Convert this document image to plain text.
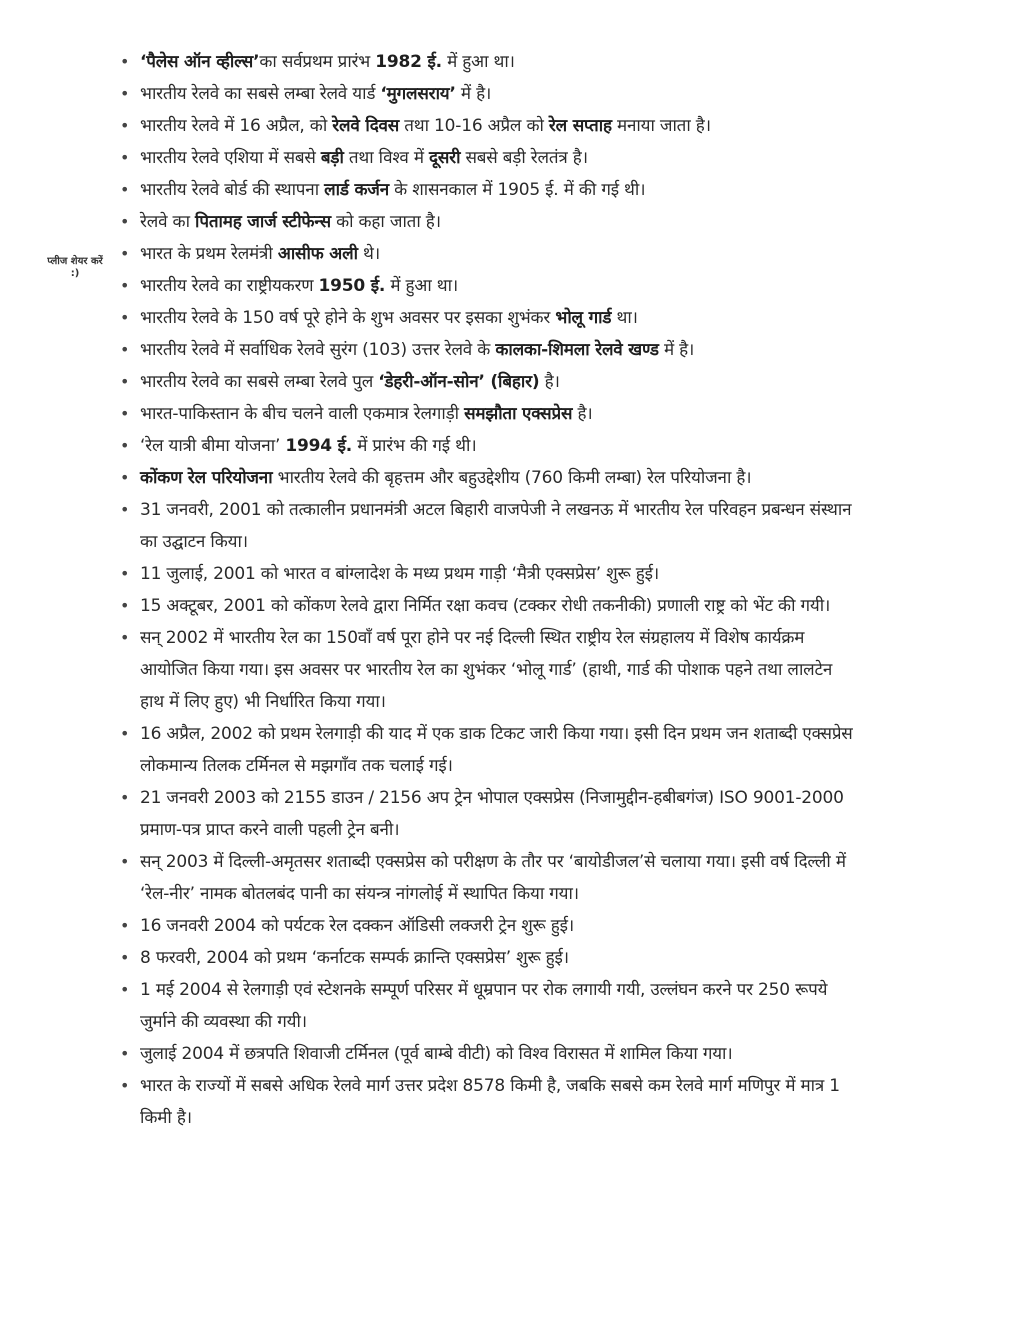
प्लीज शेयर करें :)
• ‘पैलेस ऑन व्हील्स’का सर्वप्रथम प्रारंभ 1982 ई. में हुआ था।
• भारतीय रेलवे का सबसे लम्बा रेलवे यार्ड ‘मुगलसराय’ में है।
• भारतीय रेलवे में 16 अप्रैल, को रेलवे दिवस तथा 10-16 अप्रैल को रेल सप्ताह मनाया जाता है।
• भारतीय रेलवे एशिया में सबसे बड़ी तथा विश्व में दूसरी सबसे बड़ी रेलतंत्र है।
• भारतीय रेलवे बोर्ड की स्थापना लार्ड कर्जन के शासनकाल में 1905 ई. में की गई थी।
• रेलवे का पितामह जार्ज स्टीफेन्स को कहा जाता है।
• भारत के प्रथम रेलमंत्री आसीफ अली थे।
• भारतीय रेलवे का राष्ट्रीयकरण 1950 ई. में हुआ था।
• भारतीय रेलवे के 150 वर्ष पूरे होने के शुभ अवसर पर इसका शुभंकर भोलू गार्ड था।
• भारतीय रेलवे में सर्वाधिक रेलवे सुरंग (103) उत्तर रेलवे के कालका-शिमला रेलवे खण्ड में है।
• भारतीय रेलवे का सबसे लम्बा रेलवे पुल ‘डेहरी-ऑन-सोन’ (बिहार) है।
• भारत-पाकिस्तान के बीच चलने वाली एकमात्र रेलगाड़ी समझौता एक्सप्रेस है।
• ‘रेल यात्री बीमा योजना’ 1994 ई. में प्रारंभ की गई थी।
• कोंकण रेल परियोजना भारतीय रेलवे की बृहत्तम और बहुउद्देशीय (760 किमी लम्बा) रेल परियोजना है।
• 31 जनवरी, 2001 को तत्कालीन प्रधानमंत्री अटल बिहारी वाजपेजी ने लखनऊ में भारतीय रेल परिवहन प्रबन्धन संस्थान का उद्घाटन किया।
• 11 जुलाई, 2001 को भारत व बांग्लादेश के मध्य प्रथम गाड़ी ‘मैत्री एक्सप्रेस’ शुरू हुई।
• 15 अक्टूबर, 2001 को कोंकण रेलवे द्वारा निर्मित रक्षा कवच (टक्कर रोधी तकनीकी) प्रणाली राष्ट्र को भेंट की गयी।
• सन् 2002 में भारतीय रेल का 150वाँ वर्ष पूरा होने पर नई दिल्ली स्थित राष्ट्रीय रेल संग्रहालय में विशेष कार्यक्रम आयोजित किया गया। इस अवसर पर भारतीय रेल का शुभंकर ‘भोलू गार्ड’ (हाथी, गार्ड की पोशाक पहने तथा लालटेन हाथ में लिए हुए) भी निर्धारित किया गया।
• 16 अप्रैल, 2002 को प्रथम रेलगाड़ी की याद में एक डाक टिकट जारी किया गया। इसी दिन प्रथम जन शताब्दी एक्सप्रेस लोकमान्य तिलक टर्मिनल से मझगाँव तक चलाई गई।
• 21 जनवरी 2003 को 2155 डाउन / 2156 अप ट्रेन भोपाल एक्सप्रेस (निजामुद्दीन-हबीबगंज) ISO 9001-2000 प्रमाण-पत्र प्राप्त करने वाली पहली ट्रेन बनी।
• सन् 2003 में दिल्ली-अमृतसर शताब्दी एक्सप्रेस को परीक्षण के तौर पर ‘बायोडीजल’से चलाया गया। इसी वर्ष दिल्ली में ‘रेल-नीर’ नामक बोतलबंद पानी का संयन्त्र नांगलोई में स्थापित किया गया।
• 16 जनवरी 2004 को पर्यटक रेल दक्कन ऑडिसी लक्जरी ट्रेन शुरू हुई।
• 8 फरवरी, 2004 को प्रथम ‘कर्नाटक सम्पर्क क्रान्ति एक्सप्रेस’ शुरू हुई।
• 1 मई 2004 से रेलगाड़ी एवं स्टेशनके सम्पूर्ण परिसर में धूम्रपान पर रोक लगायी गयी, उल्लंघन करने पर 250 रूपये जुर्माने की व्यवस्था की गयी।
• जुलाई 2004 में छत्रपति शिवाजी टर्मिनल (पूर्व बाम्बे वीटी) को विश्व विरासत में शामिल किया गया।
• भारत के राज्यों में सबसे अधिक रेलवे मार्ग उत्तर प्रदेश 8578 किमी है, जबकि सबसे कम रेलवे मार्ग मणिपुर में मात्र 1 किमी है।
